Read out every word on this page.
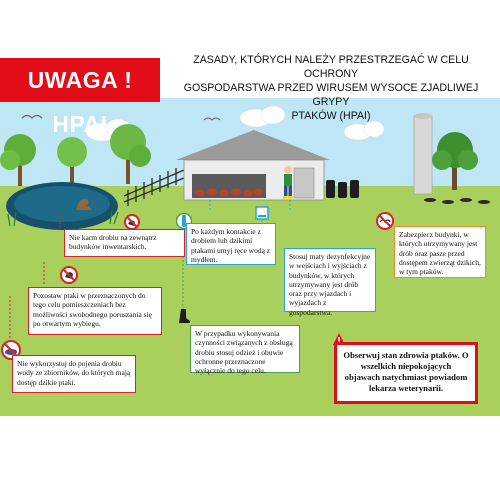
UWAGA ! HPAI
ZASADY, KTÓRYCH NALEŻY PRZESTRZEGAĆ W CELU OCHRONY
GOSPODARSTWA PRZED WIRUSEM WYSOCE ZJADLIWEJ GRYPY
PTAKÓW (HPAI)
Nie karm drobiu na zewnątrz budynków inwentarskich.
Pozostaw ptaki w przeznaczonych do tego celu pomieszczeniach bez możliwości swobodnego poruszania się po otwartym wybiegu.
Po każdym kontakcie z drobiem lub dzikimi ptakami umyj ręce wodą z mydłem.
W przypadku wykonywania czynności związanych z obsługą drobiu stosuj odzież i obuwie ochronne przeznaczone wyłącznie do tego celu.
Stosuj maty dezynfekcyjne w wejściach i wyjściach z budynków, w których utrzymywany jest drób oraz przy wjazdach i wyjazdach z gospodarstwa.
Zabezpiecz budynki, w których utrzymywany jest drób oraz pasze przed dostępem zwierząt dzikich, w tym ptaków.
Nie wykorzystuj do pojenia drobiu wody ze zbiorników, do których mają dostęp dzikie ptaki.
Obserwuj stan zdrowia ptaków. O wszelkich niepokojących objawach natychmiast powiadom lekarza weterynarii.
